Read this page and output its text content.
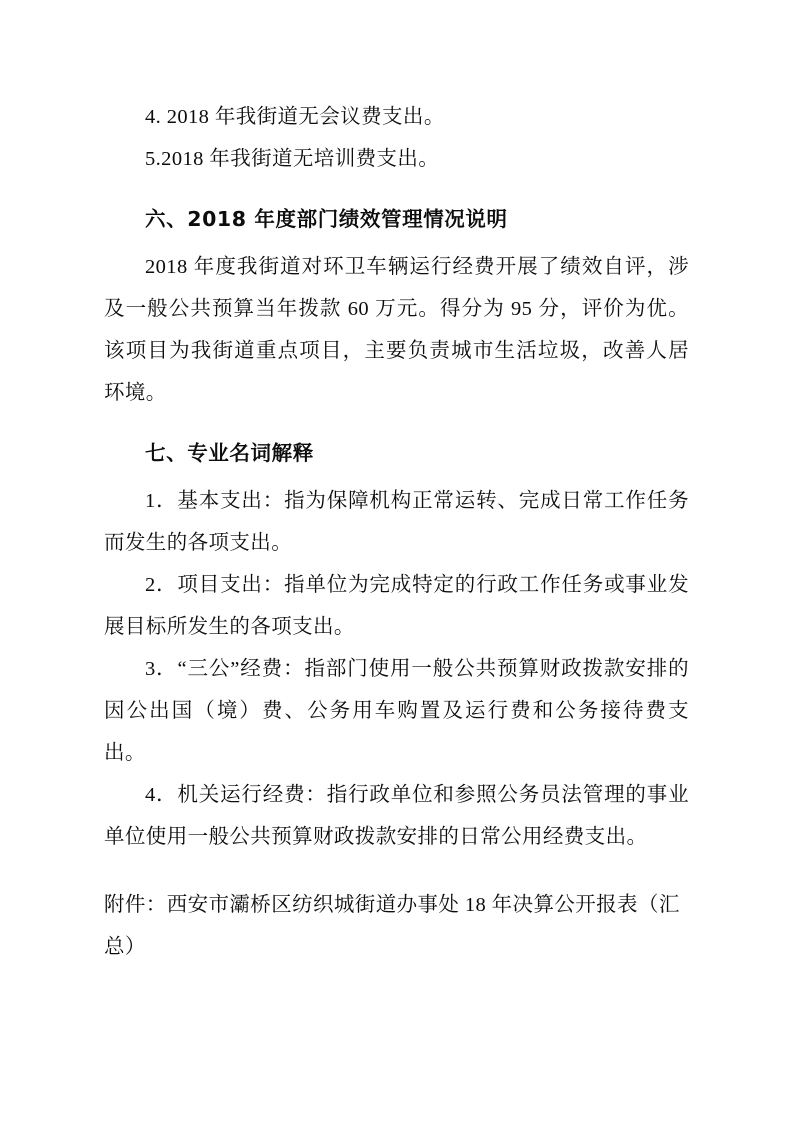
4. 2018 年我街道无会议费支出。
5.2018 年我街道无培训费支出。
六、2018 年度部门绩效管理情况说明
2018 年度我街道对环卫车辆运行经费开展了绩效自评，涉及一般公共预算当年拨款 60 万元。得分为 95 分，评价为优。该项目为我街道重点项目，主要负责城市生活垃圾，改善人居环境。
七、专业名词解释
1．基本支出：指为保障机构正常运转、完成日常工作任务而发生的各项支出。
2．项目支出：指单位为完成特定的行政工作任务或事业发展目标所发生的各项支出。
3．“三公”经费：指部门使用一般公共预算财政拨款安排的因公出国（境）费、公务用车购置及运行费和公务接待费支出。
4．机关运行经费：指行政单位和参照公务员法管理的事业单位使用一般公共预算财政拨款安排的日常公用经费支出。
附件：西安市灞桥区纺织城街道办事处 18 年决算公开报表（汇总）
